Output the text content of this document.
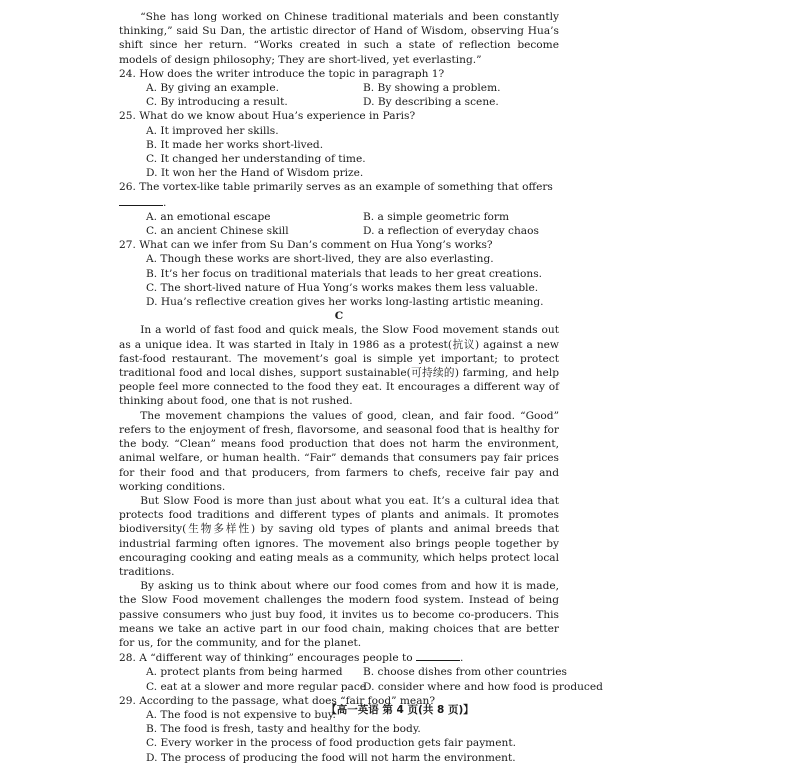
“She has long worked on Chinese traditional materials and been constantly thinking,” said Su Dan, the artistic director of Hand of Wisdom, observing Hua’s shift since her return. “Works created in such a state of reflection become models of design philosophy; They are short-lived, yet everlasting.”

24. How does the writer introduce the topic in paragraph 1?

A. By giving an example.	B. By showing a problem.
C. By introducing a result.	D. By describing a scene.

25. What do we know about Hua’s experience in Paris?

A. It improved her skills.

B. It made her works short-lived.

C. It changed her understanding of time.

D. It won her the Hand of Wisdom prize.

26. The vortex-like table primarily serves as an example of something that offers .

A. an emotional escape	B. a simple geometric form
C. an ancient Chinese skill	D. a reflection of everyday chaos

27. What can we infer from Su Dan’s comment on Hua Yong’s works?

A. Though these works are short-lived, they are also everlasting.

B. It’s her focus on traditional materials that leads to her great creations.

C. The short-lived nature of Hua Yong’s works makes them less valuable.

D. Hua’s reflective creation gives her works long-lasting artistic meaning.

C

In a world of fast food and quick meals, the Slow Food movement stands out as a unique idea. It was started in Italy in 1986 as a protest(抗议) against a new fast-food restaurant. The movement’s goal is simple yet important; to protect traditional food and local dishes, support sustainable(可持续的) farming, and help people feel more connected to the food they eat. It encourages a different way of thinking about food, one that is not rushed.

The movement champions the values of good, clean, and fair food. “Good” refers to the enjoyment of fresh, flavorsome, and seasonal food that is healthy for the body. “Clean” means food production that does not harm the environment, animal welfare, or human health. “Fair” demands that consumers pay fair prices for their food and that producers, from farmers to chefs, receive fair pay and working conditions.

But Slow Food is more than just about what you eat. It’s a cultural idea that protects food traditions and different types of plants and animals. It promotes biodiversity(生物多样性) by saving old types of plants and animal breeds that industrial farming often ignores. The movement also brings people together by encouraging cooking and eating meals as a community, which helps protect local traditions.

By asking us to think about where our food comes from and how it is made, the Slow Food movement challenges the modern food system. Instead of being passive consumers who just buy food, it invites us to become co-producers. This means we take an active part in our food chain, making choices that are better for us, for the community, and for the planet.

28. A “different way of thinking” encourages people to	.

A. protect plants from being harmed	B. choose dishes from other countries
C. eat at a slower and more regular pace
D. consider where and how food is produced

29. According to the passage, what does “fair food” mean?

A. The food is not expensive to buy.

B. The food is fresh, tasty and healthy for the body.

C. Every worker in the process of food production gets fair payment.

D. The process of producing the food will not harm the environment.

【高一英语 第 4 页(共 8 页)】
